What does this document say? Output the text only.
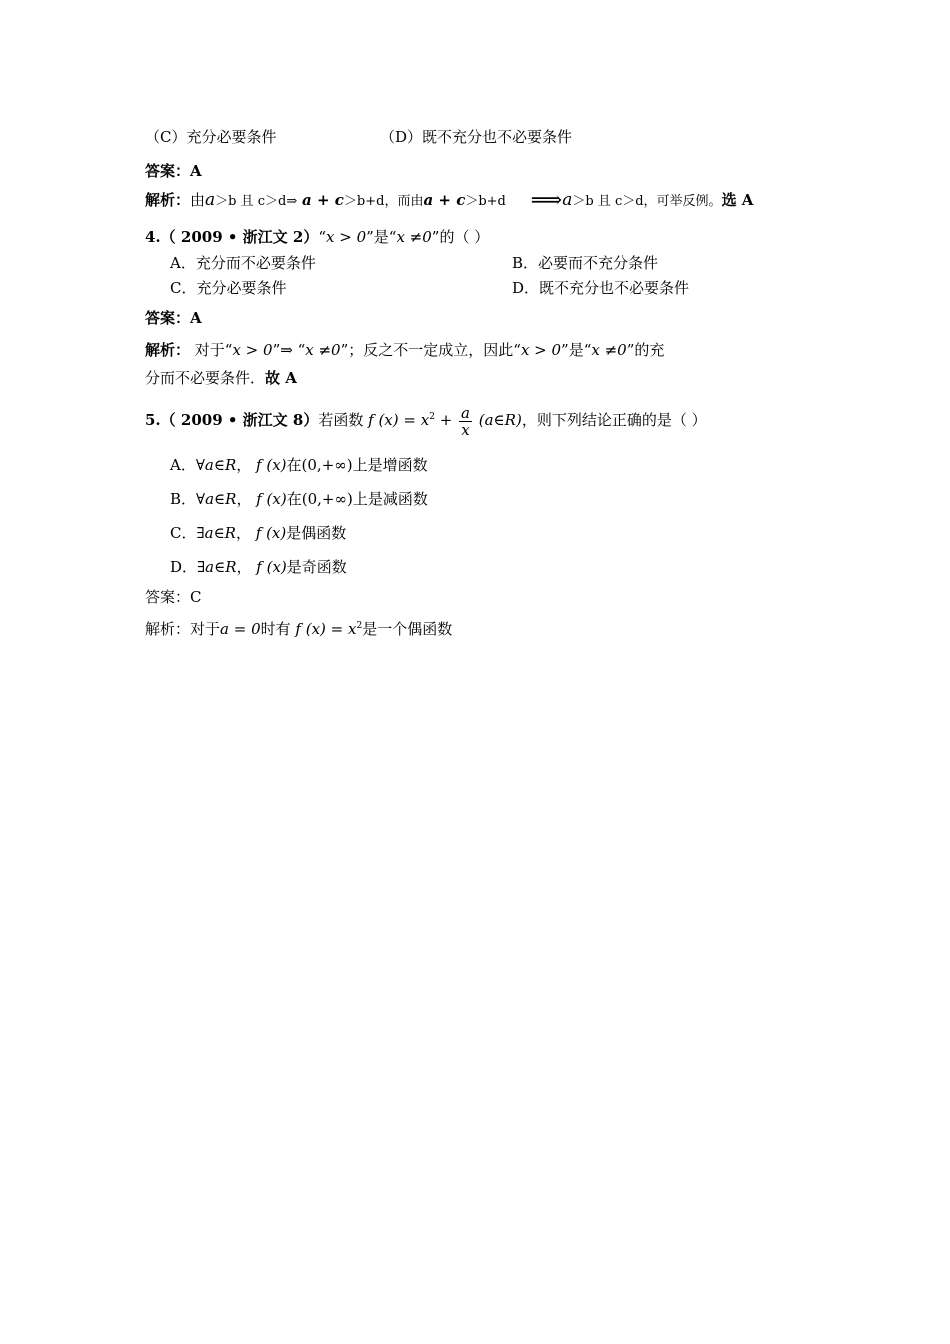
（C）充分必要条件	（D）既不充分也不必要条件
答案：A
解析：由a＞b 且 c＞d⇒ a + c＞b+d，而由a + c＞b+d ⟹a＞b 且 c＞d，可举反例。选 A
4.（ 2009 • 浙江文 2）“x > 0”是“x ≠0”的（ ）
A．充分而不必要条件	B．必要而不充分条件
C．充分必要条件	D．既不充分也不必要条件
答案：A
解析： 对于“x > 0”⇒ “x ≠0”；反之不一定成立，因此“x > 0”是“x ≠0”的充
分而不必要条件．故 A
5.（ 2009 • 浙江文 8）若函数 f $(x) = x^2 + \frac{a}{x}$ (a∈R)，则下列结论正确的是（ ）
A．∀a∈R， f (x)在(0,+∞)上是增函数
B．∀a∈R， f (x)在(0,+∞)上是减函数
C．∃a∈R， f (x)是偶函数
D．∃a∈R， f (x)是奇函数
答案：C
解析：对于a = 0时有 f $(x) = x^2$是一个偶函数
